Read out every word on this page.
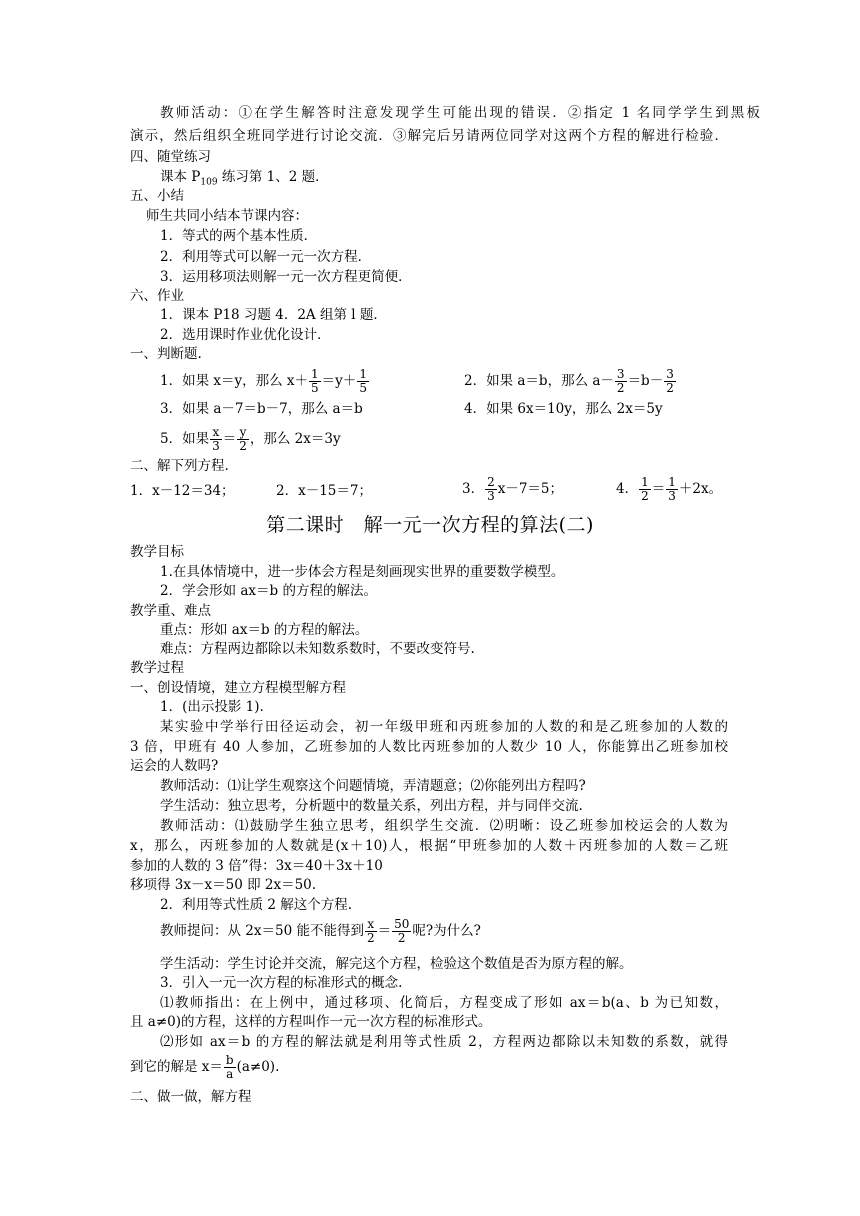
教师活动：①在学生解答时注意发现学生可能出现的错误．②指定 1 名同学学生到黑板
演示，然后组织全班同学进行讨论交流．③解完后另请两位同学对这两个方程的解进行检验．
四、随堂练习
课本 $P_{109}$ 练习第 1、2 题．
五、小结
师生共同小结本节课内容：
1．等式的两个基本性质．
2．利用等式可以解一元一次方程．
3．运用移项法则解一元一次方程更简便．
六、作业
1．课本 P18 习题 4．2A 组第 l 题．
2．选用课时作业优化设计．
一、判断题.
1．如果 x＝y，那么 $x+ \frac{1}{5} =y+ \frac{1}{5}$	2．如果 a＝b，那么 $a- \frac{3}{2} =b- \frac{3}{2}$
3．如果 a－7＝b－7，那么 a＝b	4．如果 6x＝10y，那么 2x＝5y
5．如果 $\frac{x}{3} = \frac{y}{2}$ ，那么 2x＝3y
二、解下列方程.
1．x－12＝34；	2．x－15＝7；	3． $\frac{2}{3} x-7=5$；	4． $\frac{1}{2} = \frac{1}{3} +2x$。
第二课时　解一元一次方程的算法(二)
教学目标
1.在具体情境中，进一步体会方程是刻画现实世界的重要数学模型。
2．学会形如 ax＝b 的方程的解法。
教学重、难点
重点：形如 ax＝b 的方程的解法。
难点：方程两边都除以未知数系数时，不要改变符号.
教学过程
一、创设情境，建立方程模型解方程
1．(出示投影 1).
某实验中学举行田径运动会，初一年级甲班和丙班参加的人数的和是乙班参加的人数的
3 倍，甲班有 40 人参加，乙班参加的人数比丙班参加的人数少 10 人，你能算出乙班参加校
运会的人数吗?
教师活动：⑴让学生观察这个问题情境，弄清题意；⑵你能列出方程吗?
学生活动：独立思考，分析题中的数量关系，列出方程，并与同伴交流.
教师活动：⑴鼓励学生独立思考，组织学生交流．⑵明晰：设乙班参加校运会的人数为
x，那么，丙班参加的人数就是(x＋10)人，根据“甲班参加的人数＋丙班参加的人数＝乙班
参加的人数的 3 倍”得：3x＝40＋3x＋10
移项得 3x－x＝50 即 2x＝50.
2．利用等式性质 2 解这个方程.
教师提问：从 2x＝50 能不能得到 $\frac{x}{2} = \frac{50}{2}$ 呢?为什么?
学生活动：学生讨论并交流，解完这个方程，检验这个数值是否为原方程的解。
3．引入一元一次方程的标准形式的概念.
⑴教师指出：在上例中，通过移项、化简后，方程变成了形如 ax＝b(a、b 为已知数，
且 a≠0)的方程，这样的方程叫作一元一次方程的标准形式。
⑵形如 ax＝b 的方程的解法就是利用等式性质 2，方程两边都除以未知数的系数，就得
到它的解是 $x= \frac{b}{a} (a\ne 0)$.
二、做一做，解方程
